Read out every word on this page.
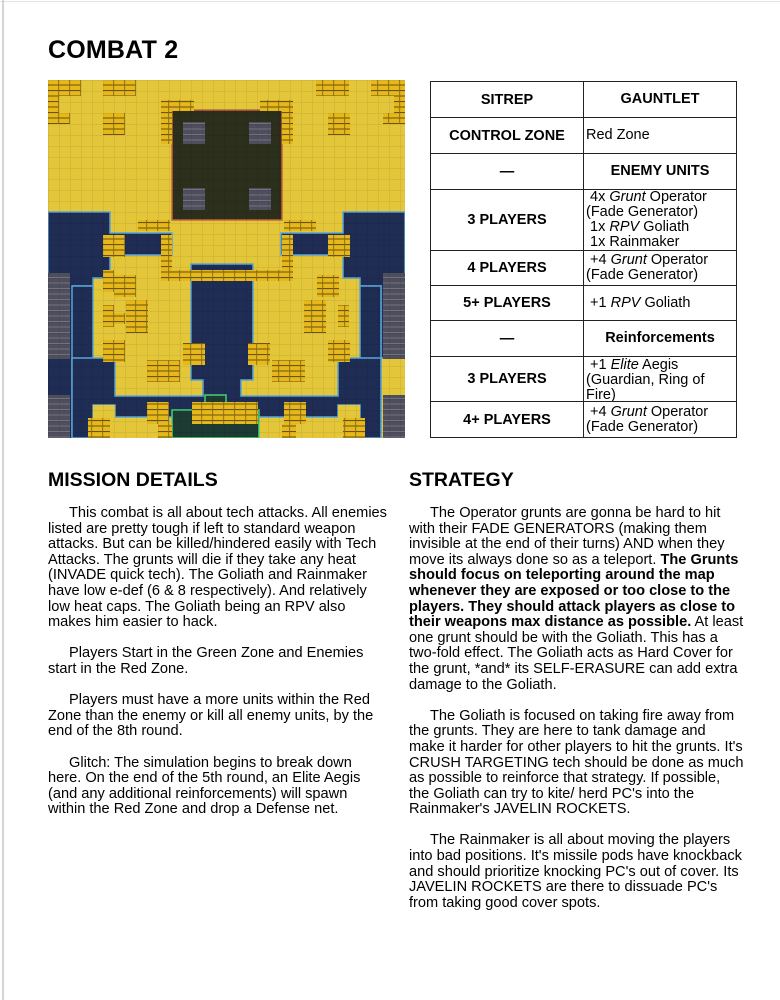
COMBAT 2
SITREP	GAUNTLET
CONTROL ZONE	Red Zone
—	ENEMY UNITS
3 PLAYERS	4x Grunt Operator
(Fade Generator)
1x RPV Goliath
1x Rainmaker

4 PLAYERS	+4 Grunt Operator
(Fade Generator)

5+ PLAYERS	+1 RPV Goliath

—	Reinforcements
3 PLAYERS	+1 Elite Aegis
(Guardian, Ring of
Fire)

4+ PLAYERS	+4 Grunt Operator
(Fade Generator)
MISSION DETAILS

This combat is all about tech attacks. All enemies listed are pretty tough if left to standard weapon attacks. But can be killed/hindered easily with Tech Attacks. The grunts will die if they take any heat (INVADE quick tech). The Goliath and Rainmaker have low e-def (6 & 8 respectively). And relatively low heat caps. The Goliath being an RPV also makes him easier to hack.

Players Start in the Green Zone and Enemies start in the Red Zone.

Players must have a more units within the Red Zone than the enemy or kill all enemy units, by the end of the 8th round.

Glitch: The simulation begins to break down here. On the end of the 5th round, an Elite Aegis (and any additional reinforcements) will spawn within the Red Zone and drop a Defense net.

STRATEGY

The Operator grunts are gonna be hard to hit with their FADE GENERATORS (making them invisible at the end of their turns) AND when they move its always done so as a teleport. The Grunts should focus on teleporting around the map whenever they are exposed or too close to the players. They should attack players as close to their weapons max distance as possible. At least one grunt should be with the Goliath. This has a two-fold effect. The Goliath acts as Hard Cover for the grunt, *and* its SELF-ERASURE can add extra damage to the Goliath.

The Goliath is focused on taking fire away from the grunts. They are here to tank damage and make it harder for other players to hit the grunts. It's CRUSH TARGETING tech should be done as much as possible to reinforce that strategy. If possible, the Goliath can try to kite/ herd PC's into the Rainmaker's JAVELIN ROCKETS.

The Rainmaker is all about moving the players into bad positions. It's missile pods have knockback and should prioritize knocking PC's out of cover. Its JAVELIN ROCKETS are there to dissuade PC's from taking good cover spots.
